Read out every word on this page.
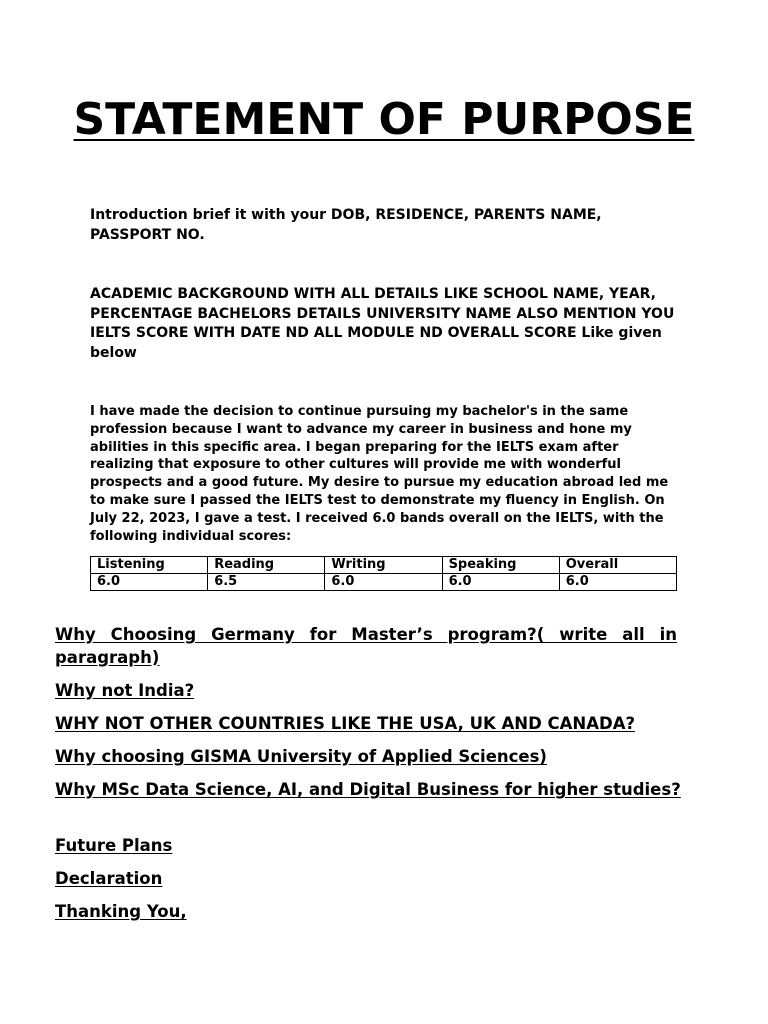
STATEMENT OF PURPOSE

Introduction brief it with your DOB, RESIDENCE, PARENTS NAME, PASSPORT NO.

ACADEMIC BACKGROUND WITH ALL DETAILS LIKE SCHOOL NAME, YEAR, PERCENTAGE BACHELORS DETAILS UNIVERSITY NAME ALSO MENTION YOU IELTS SCORE WITH DATE ND ALL MODULE ND OVERALL SCORE Like given below

I have made the decision to continue pursuing my bachelor's in the same profession because I want to advance my career in business and hone my abilities in this specific area. I began preparing for the IELTS exam after realizing that exposure to other cultures will provide me with wonderful prospects and a good future. My desire to pursue my education abroad led me to make sure I passed the IELTS test to demonstrate my fluency in English. On July 22, 2023, I gave a test. I received 6.0 bands overall on the IELTS, with the following individual scores:

Listening	Reading	Writing	Speaking	Overall
6.0	6.5	6.0	6.0	6.0

Why Choosing Germany for Master’s program?( write all in paragraph)

Why not India?

WHY NOT OTHER COUNTRIES LIKE THE USA, UK AND CANADA?

Why choosing GISMA University of Applied Sciences)

Why MSc Data Science, AI, and Digital Business for higher studies?

Future Plans

Declaration

Thanking You,
